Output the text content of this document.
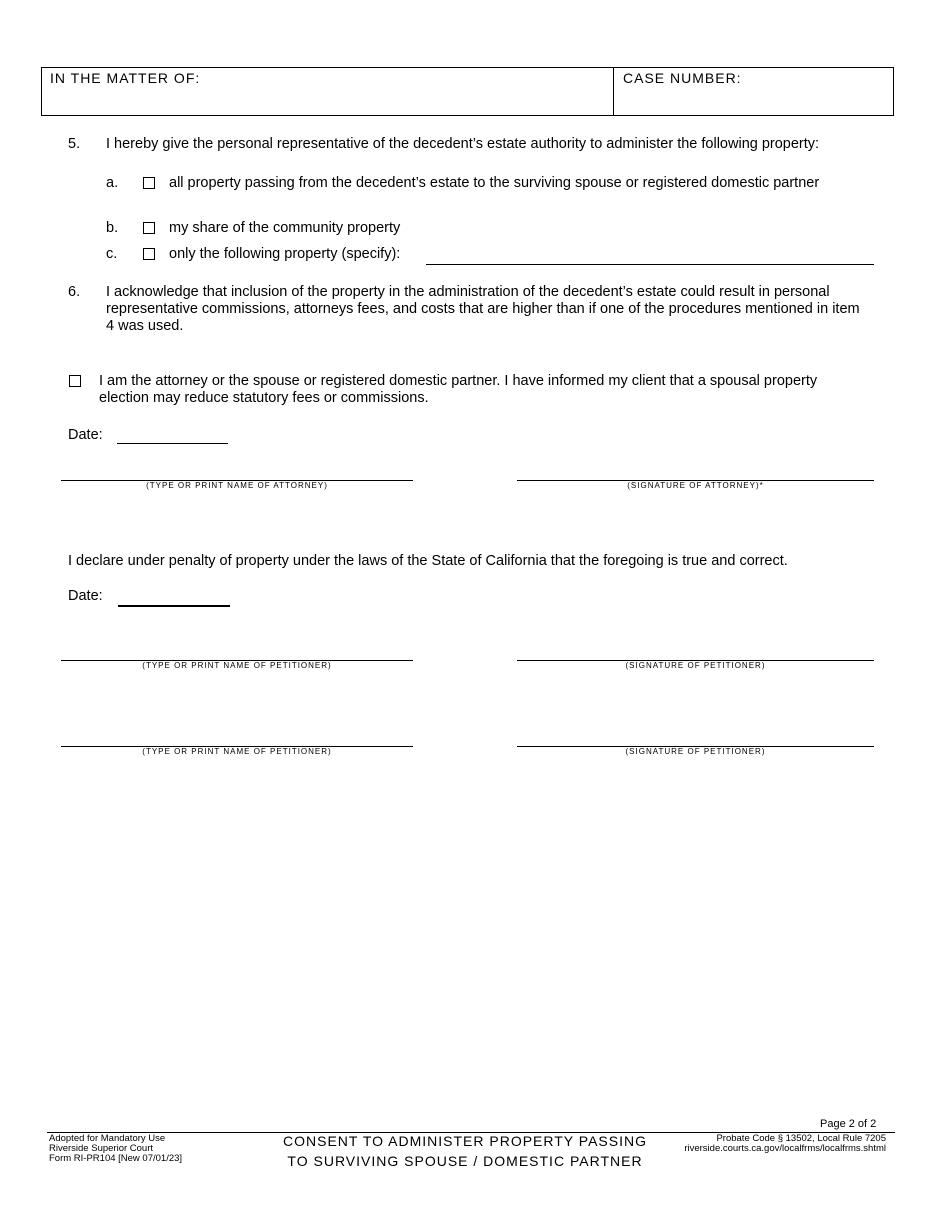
IN THE MATTER OF:	CASE NUMBER:
5. I hereby give the personal representative of the decedent’s estate authority to administer the following property:
a.	all property passing from the decedent’s estate to the surviving spouse or registered domestic partner
b.	my share of the community property
c.	only the following property (specify):
6. I acknowledge that inclusion of the property in the administration of the decedent’s estate could result in personal representative commissions, attorneys fees, and costs that are higher than if one of the procedures mentioned in item 4 was used.
I am the attorney or the spouse or registered domestic partner. I have informed my client that a spousal property election may reduce statutory fees or commissions.
Date:
(TYPE OR PRINT NAME OF ATTORNEY)	(SIGNATURE OF ATTORNEY)*
I declare under penalty of property under the laws of the State of California that the foregoing is true and correct.
Date:
(TYPE OR PRINT NAME OF PETITIONER)	(SIGNATURE OF PETITIONER)
(TYPE OR PRINT NAME OF PETITIONER)	(SIGNATURE OF PETITIONER)
Page 2 of 2
Adopted for Mandatory Use
Riverside Superior Court
Form RI-PR104 [New 07/01/23]
CONSENT TO ADMINISTER PROPERTY PASSING
TO SURVIVING SPOUSE / DOMESTIC PARTNER
Probate Code § 13502, Local Rule 7205
riverside.courts.ca.gov/localfrms/localfrms.shtml
